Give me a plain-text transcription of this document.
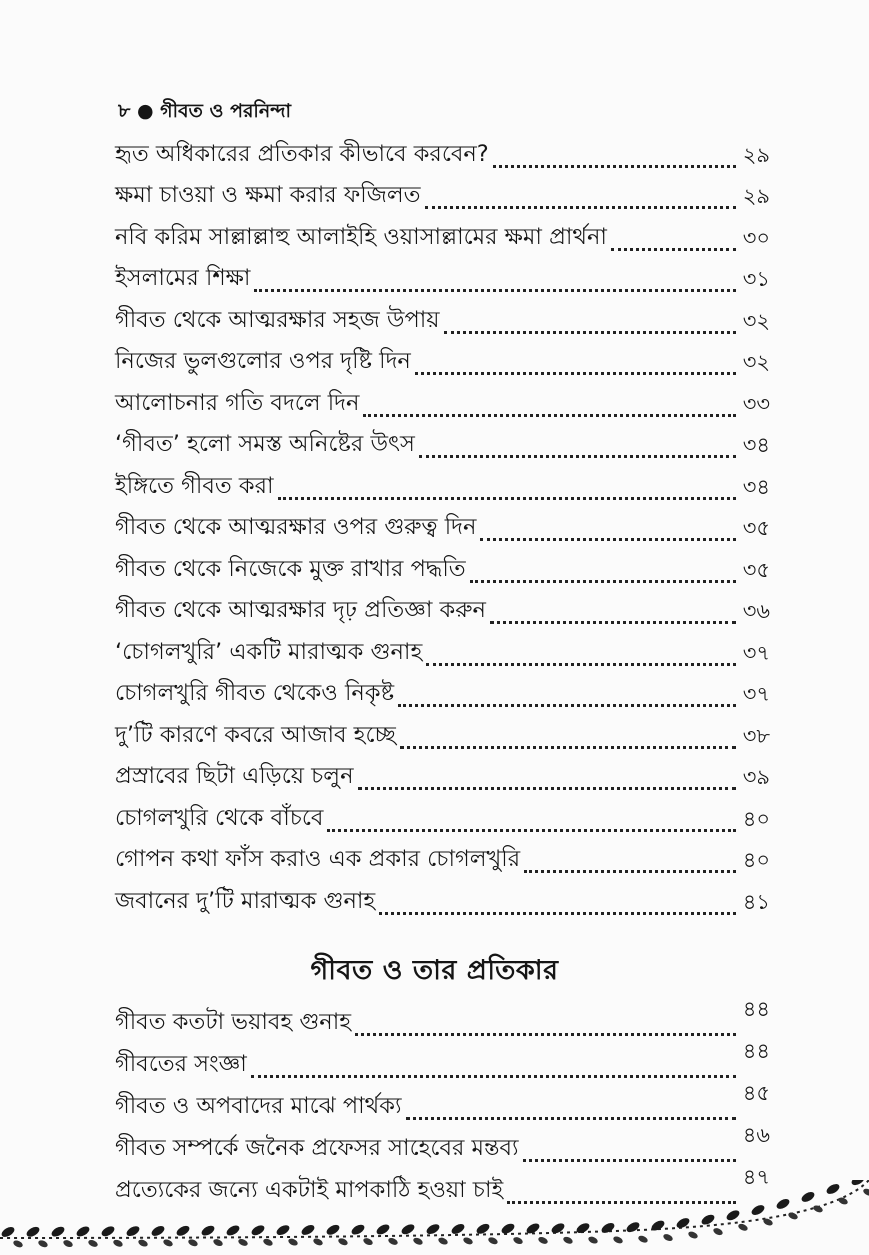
৮ ● গীবত ও পরনিন্দা
হৃত অধিকারের প্রতিকার কীভাবে করবেন?	২৯
ক্ষমা চাওয়া ও ক্ষমা করার ফজিলত	২৯
নবি করিম সাল্লাল্লাহু আলাইহি ওয়াসাল্লামের ক্ষমা প্রার্থনা	৩০
ইসলামের শিক্ষা	৩১
গীবত থেকে আত্মরক্ষার সহজ উপায়	৩২
নিজের ভুলগুলোর ওপর দৃষ্টি দিন	৩২
আলোচনার গতি বদলে দিন	৩৩
‘গীবত’ হলো সমস্ত অনিষ্টের উৎস	৩৪
ইঙ্গিতে গীবত করা	৩৪
গীবত থেকে আত্মরক্ষার ওপর গুরুত্ব দিন	৩৫
গীবত থেকে নিজেকে মুক্ত রাখার পদ্ধতি	৩৫
গীবত থেকে আত্মরক্ষার দৃঢ় প্রতিজ্ঞা করুন	৩৬
‘চোগলখুরি’ একটি মারাত্মক গুনাহ	৩৭
চোগলখুরি গীবত থেকেও নিকৃষ্ট	৩৭
দু’টি কারণে কবরে আজাব হচ্ছে	৩৮
প্রস্রাবের ছিটা এড়িয়ে চলুন	৩৯
চোগলখুরি থেকে বাঁচবে	৪০
গোপন কথা ফাঁস করাও এক প্রকার চোগলখুরি	৪০
জবানের দু’টি মারাত্মক গুনাহ	৪১
গীবত ও তার প্রতিকার
গীবত কতটা ভয়াবহ গুনাহ	৪৪
গীবতের সংজ্ঞা	৪৪
গীবত ও অপবাদের মাঝে পার্থক্য	৪৫
গীবত সম্পর্কে জনৈক প্রফেসর সাহেবের মন্তব্য	৪৬
প্রত্যেকের জন্যে একটাই মাপকাঠি হওয়া চাই	৪৭
